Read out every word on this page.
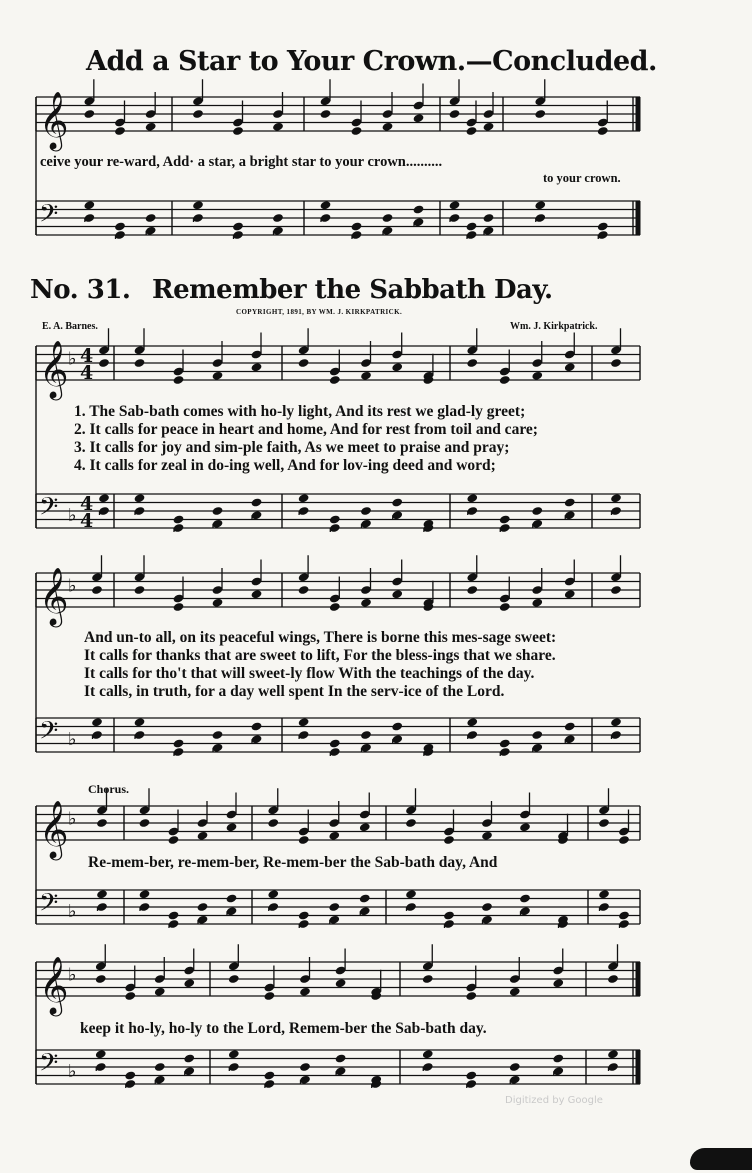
Add a Star to Your Crown.—Concluded.
ceive your re-ward, Add· a star, a bright star to your crown..........
to your crown.
No. 31. Remember the Sabbath Day.
COPYRIGHT, 1891, BY WM. J. KIRKPATRICK.
E. A. Barnes.	Wm. J. Kirkpatrick.
1. The Sab-bath comes with ho-ly light, And its rest we glad-ly greet;
2. It calls for peace in heart and home, And for rest from toil and care;
3. It calls for joy and sim-ple faith, As we meet to praise and pray;
4. It calls for zeal in do-ing well, And for lov-ing deed and word;
And un-to all, on its peaceful wings, There is borne this mes-sage sweet:
It calls for thanks that are sweet to lift, For the bless-ings that we share.
It calls for tho't that will sweet-ly flow With the teachings of the day.
It calls, in truth, for a day well spent In the serv-ice of the Lord.
Chorus.
Re-mem-ber, re-mem-ber, Re-mem-ber the Sab-bath day, And
keep it ho-ly, ho-ly to the Lord, Remem-ber the Sab-bath day.
Digitized by Google
𝄞
𝄢
𝄞 ♭ 4
4
𝄢 ♭
4
4
𝄞 ♭
𝄢 ♭
𝄞 ♭
𝄢 ♭
𝄞 ♭
𝄢 ♭
